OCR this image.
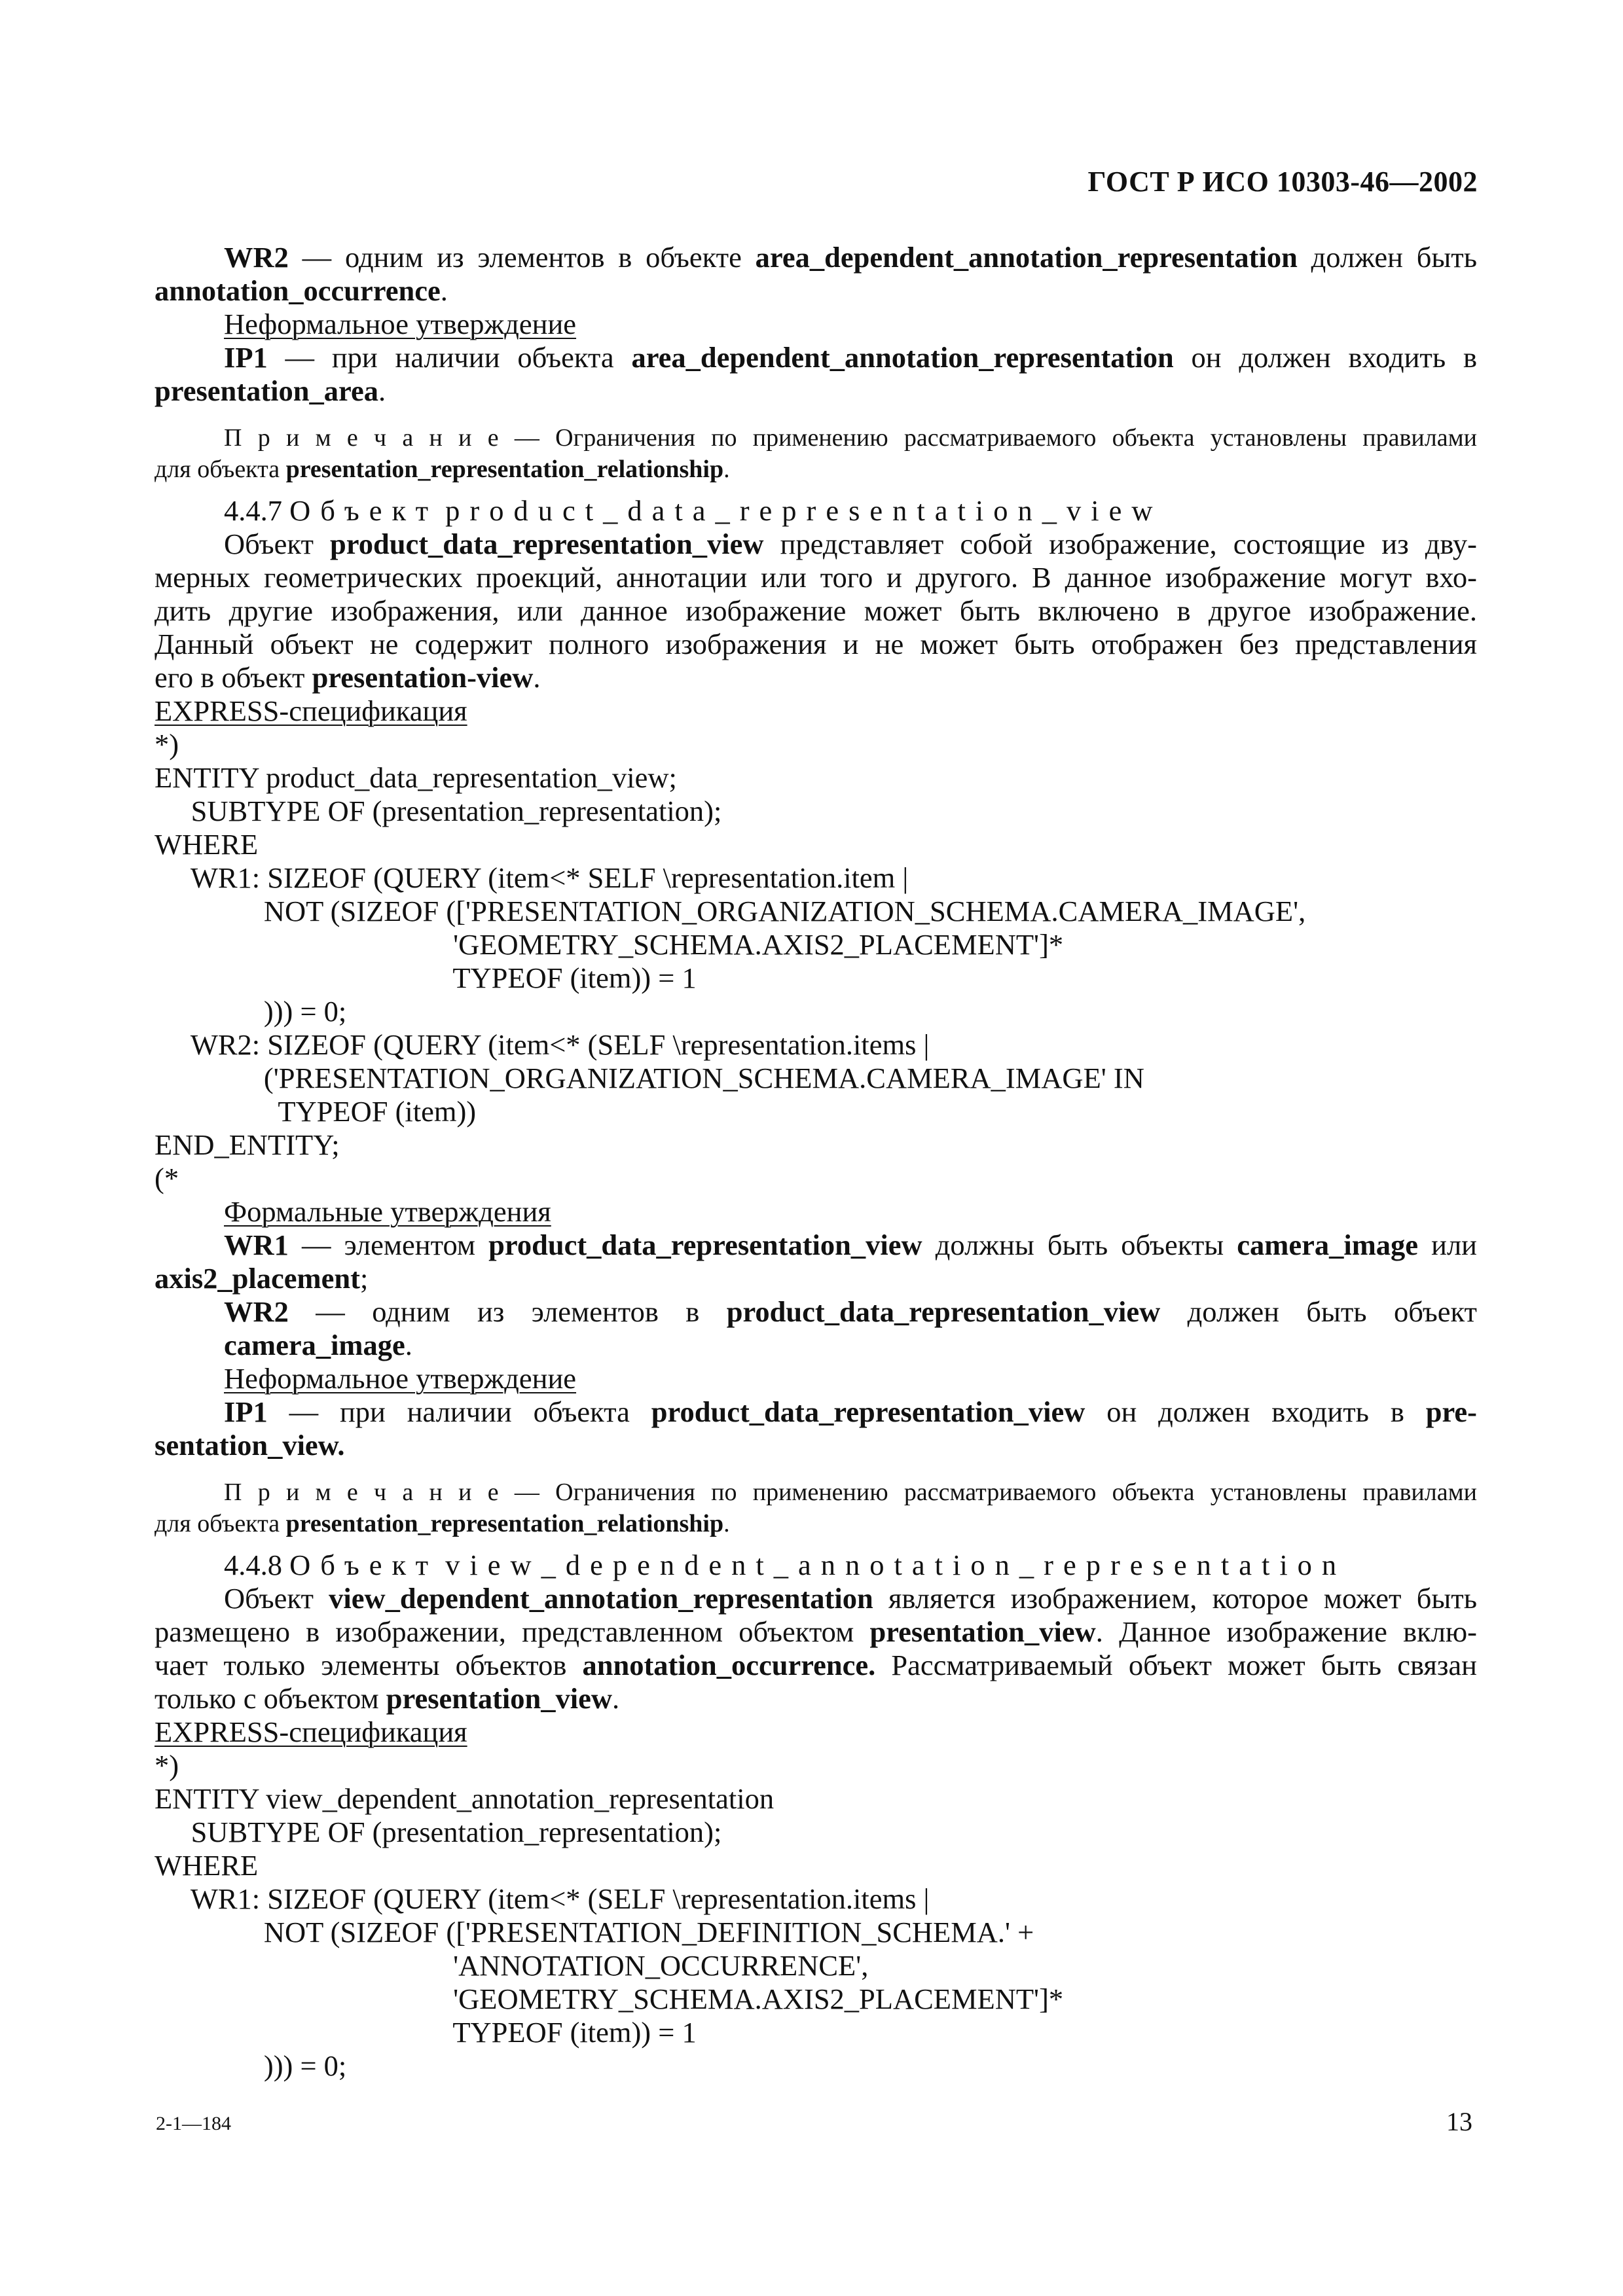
ГОСТ Р ИСО 10303-46—2002
WR2 — одним из элементов в объекте area_dependent_annotation_representation должен быть
annotation_occurrence.
Неформальное утверждение
IP1 — при наличии объекта area_dependent_annotation_representation он должен входить в
presentation_area.
П р и м е ч а н и е — Ограничения по применению рассматриваемого объекта установлены правилами
для объекта presentation_representation_relationship.
4.4.7 Объект product_data_representation_view
Объект product_data_representation_view представляет собой изображение, состоящие из дву-
мерных геометрических проекций, аннотации или того и другого. В данное изображение могут вхо-
дить другие изображения, или данное изображение может быть включено в другое изображение.
Данный объект не содержит полного изображения и не может быть отображен без представления
его в объект presentation-view.
EXPRESS-спецификация
*)
ENTITY product_data_representation_view;
SUBTYPE OF (presentation_representation);
WHERE
WR1: SIZEOF (QUERY (item<* SELF \representation.item |
NOT (SIZEOF (['PRESENTATION_ORGANIZATION_SCHEMA.CAMERA_IMAGE',
'GEOMETRY_SCHEMA.AXIS2_PLACEMENT']*
TYPEOF (item)) = 1
))) = 0;
WR2: SIZEOF (QUERY (item<* (SELF \representation.items |
('PRESENTATION_ORGANIZATION_SCHEMA.CAMERA_IMAGE' IN
TYPEOF (item))
END_ENTITY;
(*
Формальные утверждения
WR1 — элементом product_data_representation_view должны быть объекты camera_image или
axis2_placement;
WR2 — одним из элементов в product_data_representation_view должен быть объект camera_image.
Неформальное утверждение
IP1 — при наличии объекта product_data_representation_view он должен входить в pre-
sentation_view.
П р и м е ч а н и е — Ограничения по применению рассматриваемого объекта установлены правилами
для объекта presentation_representation_relationship.
4.4.8 Объект view_dependent_annotation_representation
Объект view_dependent_annotation_representation является изображением, которое может быть
размещено в изображении, представленном объектом presentation_view. Данное изображение вклю-
чает только элементы объектов annotation_occurrence. Рассматриваемый объект может быть связан
только с объектом presentation_view.
EXPRESS-спецификация
*)
ENTITY view_dependent_annotation_representation
SUBTYPE OF (presentation_representation);
WHERE
WR1: SIZEOF (QUERY (item<* (SELF \representation.items |
NOT (SIZEOF (['PRESENTATION_DEFINITION_SCHEMA.' +
'ANNOTATION_OCCURRENCE',
'GEOMETRY_SCHEMA.AXIS2_PLACEMENT']*
TYPEOF (item)) = 1
))) = 0;
2-1—184	13
